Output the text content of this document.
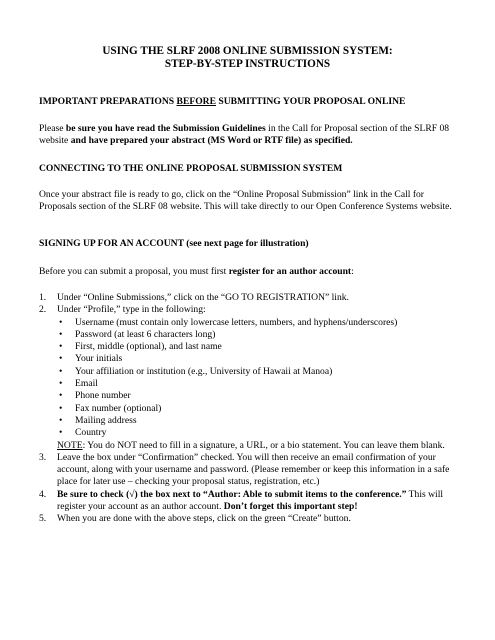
USING THE SLRF 2008 ONLINE SUBMISSION SYSTEM:
STEP-BY-STEP INSTRUCTIONS
IMPORTANT PREPARATIONS BEFORE SUBMITTING YOUR PROPOSAL ONLINE
Please be sure you have read the Submission Guidelines in the Call for Proposal section of the SLRF 08 website and have prepared your abstract (MS Word or RTF file) as specified.
CONNECTING TO THE ONLINE PROPOSAL SUBMISSION SYSTEM
Once your abstract file is ready to go, click on the “Online Proposal Submission” link in the Call for Proposals section of the SLRF 08 website. This will take directly to our Open Conference Systems website.
SIGNING UP FOR AN ACCOUNT (see next page for illustration)
Before you can submit a proposal, you must first register for an author account:
1. Under “Online Submissions,” click on the “GO TO REGISTRATION” link.
2. Under “Profile,” type in the following:
• Username (must contain only lowercase letters, numbers, and hyphens/underscores)
• Password (at least 6 characters long)
• First, middle (optional), and last name
• Your initials
• Your affiliation or institution (e.g., University of Hawaii at Manoa)
• Email
• Phone number
• Fax number (optional)
• Mailing address
• Country
NOTE: You do NOT need to fill in a signature, a URL, or a bio statement. You can leave them blank.
3. Leave the box under “Confirmation” checked. You will then receive an email confirmation of your account, along with your username and password. (Please remember or keep this information in a safe place for later use – checking your proposal status, registration, etc.)
4. Be sure to check (√) the box next to “Author: Able to submit items to the conference.” This will register your account as an author account. Don’t forget this important step!
5. When you are done with the above steps, click on the green “Create” button.
